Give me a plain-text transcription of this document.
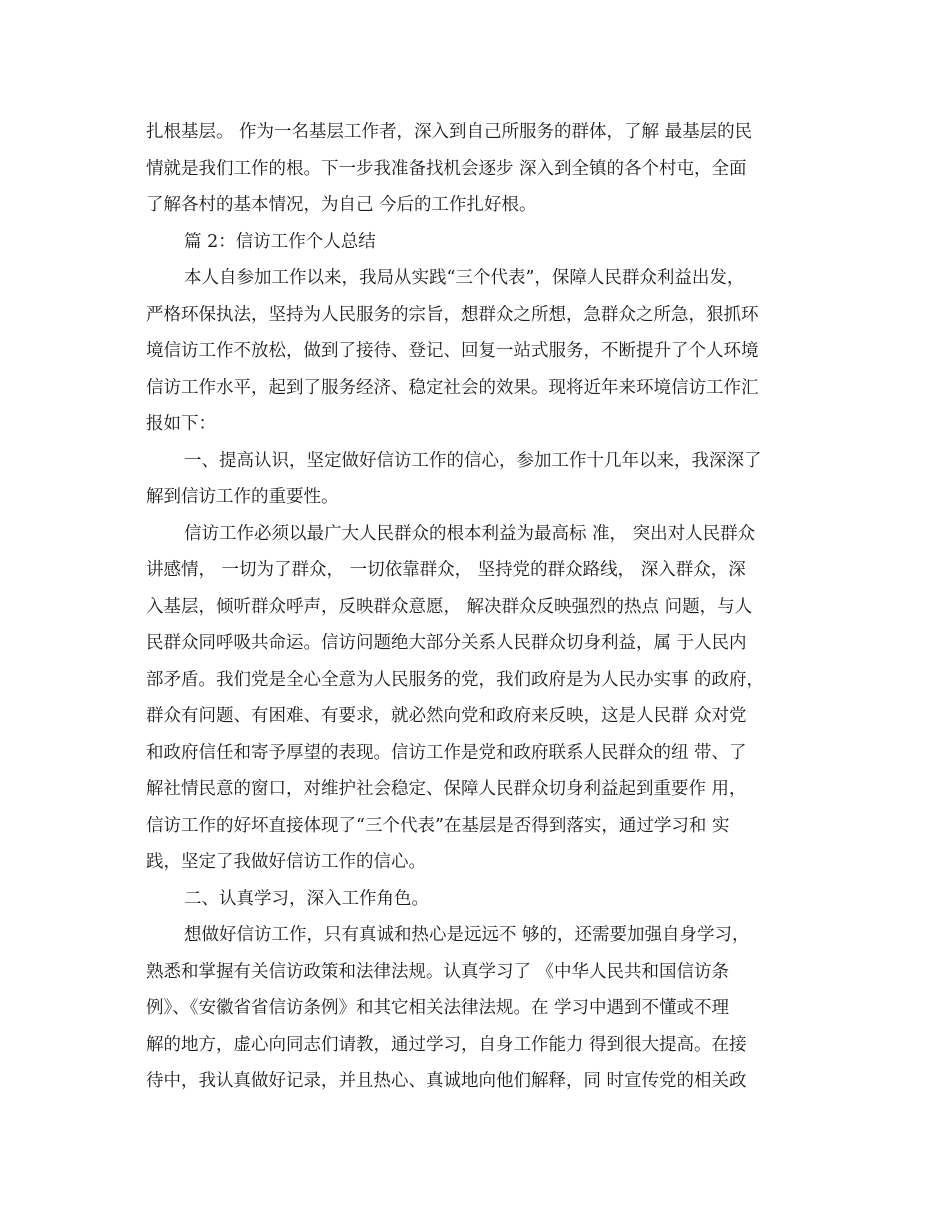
扎根基层。 作为一名基层工作者，深入到自己所服务的群体，了解 最基层的民
情就是我们工作的根。下一步我准备找机会逐步 深入到全镇的各个村屯，全面
了解各村的基本情况，为自己 今后的工作扎好根。
篇 2：信访工作个人总结
本人自参加工作以来，我局从实践“三个代表”，保障人民群众利益出发，
严格环保执法，坚持为人民服务的宗旨，想群众之所想，急群众之所急，狠抓环
境信访工作不放松，做到了接待、登记、回复一站式服务，不断提升了个人环境
信访工作水平，起到了服务经济、稳定社会的效果。现将近年来环境信访工作汇
报如下：
一、提高认识，坚定做好信访工作的信心，参加工作十几年以来，我深深了
解到信访工作的重要性。
信访工作必须以最广大人民群众的根本利益为最高标 准， 突出对人民群众
讲感情， 一切为了群众， 一切依靠群众， 坚持党的群众路线， 深入群众，深
入基层，倾听群众呼声，反映群众意愿， 解决群众反映强烈的热点 问题，与人
民群众同呼吸共命运。信访问题绝大部分关系人民群众切身利益，属 于人民内
部矛盾。我们党是全心全意为人民服务的党，我们政府是为人民办实事 的政府，
群众有问题、有困难、有要求，就必然向党和政府来反映，这是人民群 众对党
和政府信任和寄予厚望的表现。信访工作是党和政府联系人民群众的纽 带、了
解社情民意的窗口，对维护社会稳定、保障人民群众切身利益起到重要作 用，
信访工作的好坏直接体现了“三个代表”在基层是否得到落实，通过学习和 实
践，坚定了我做好信访工作的信心。
二、认真学习，深入工作角色。
想做好信访工作，只有真诚和热心是远远不 够的，还需要加强自身学习，
熟悉和掌握有关信访政策和法律法规。认真学习了 《中华人民共和国信访条
例》、《安徽省省信访条例》和其它相关法律法规。在 学习中遇到不懂或不理
解的地方，虚心向同志们请教，通过学习，自身工作能力 得到很大提高。在接
待中，我认真做好记录，并且热心、真诚地向他们解释，同 时宣传党的相关政
